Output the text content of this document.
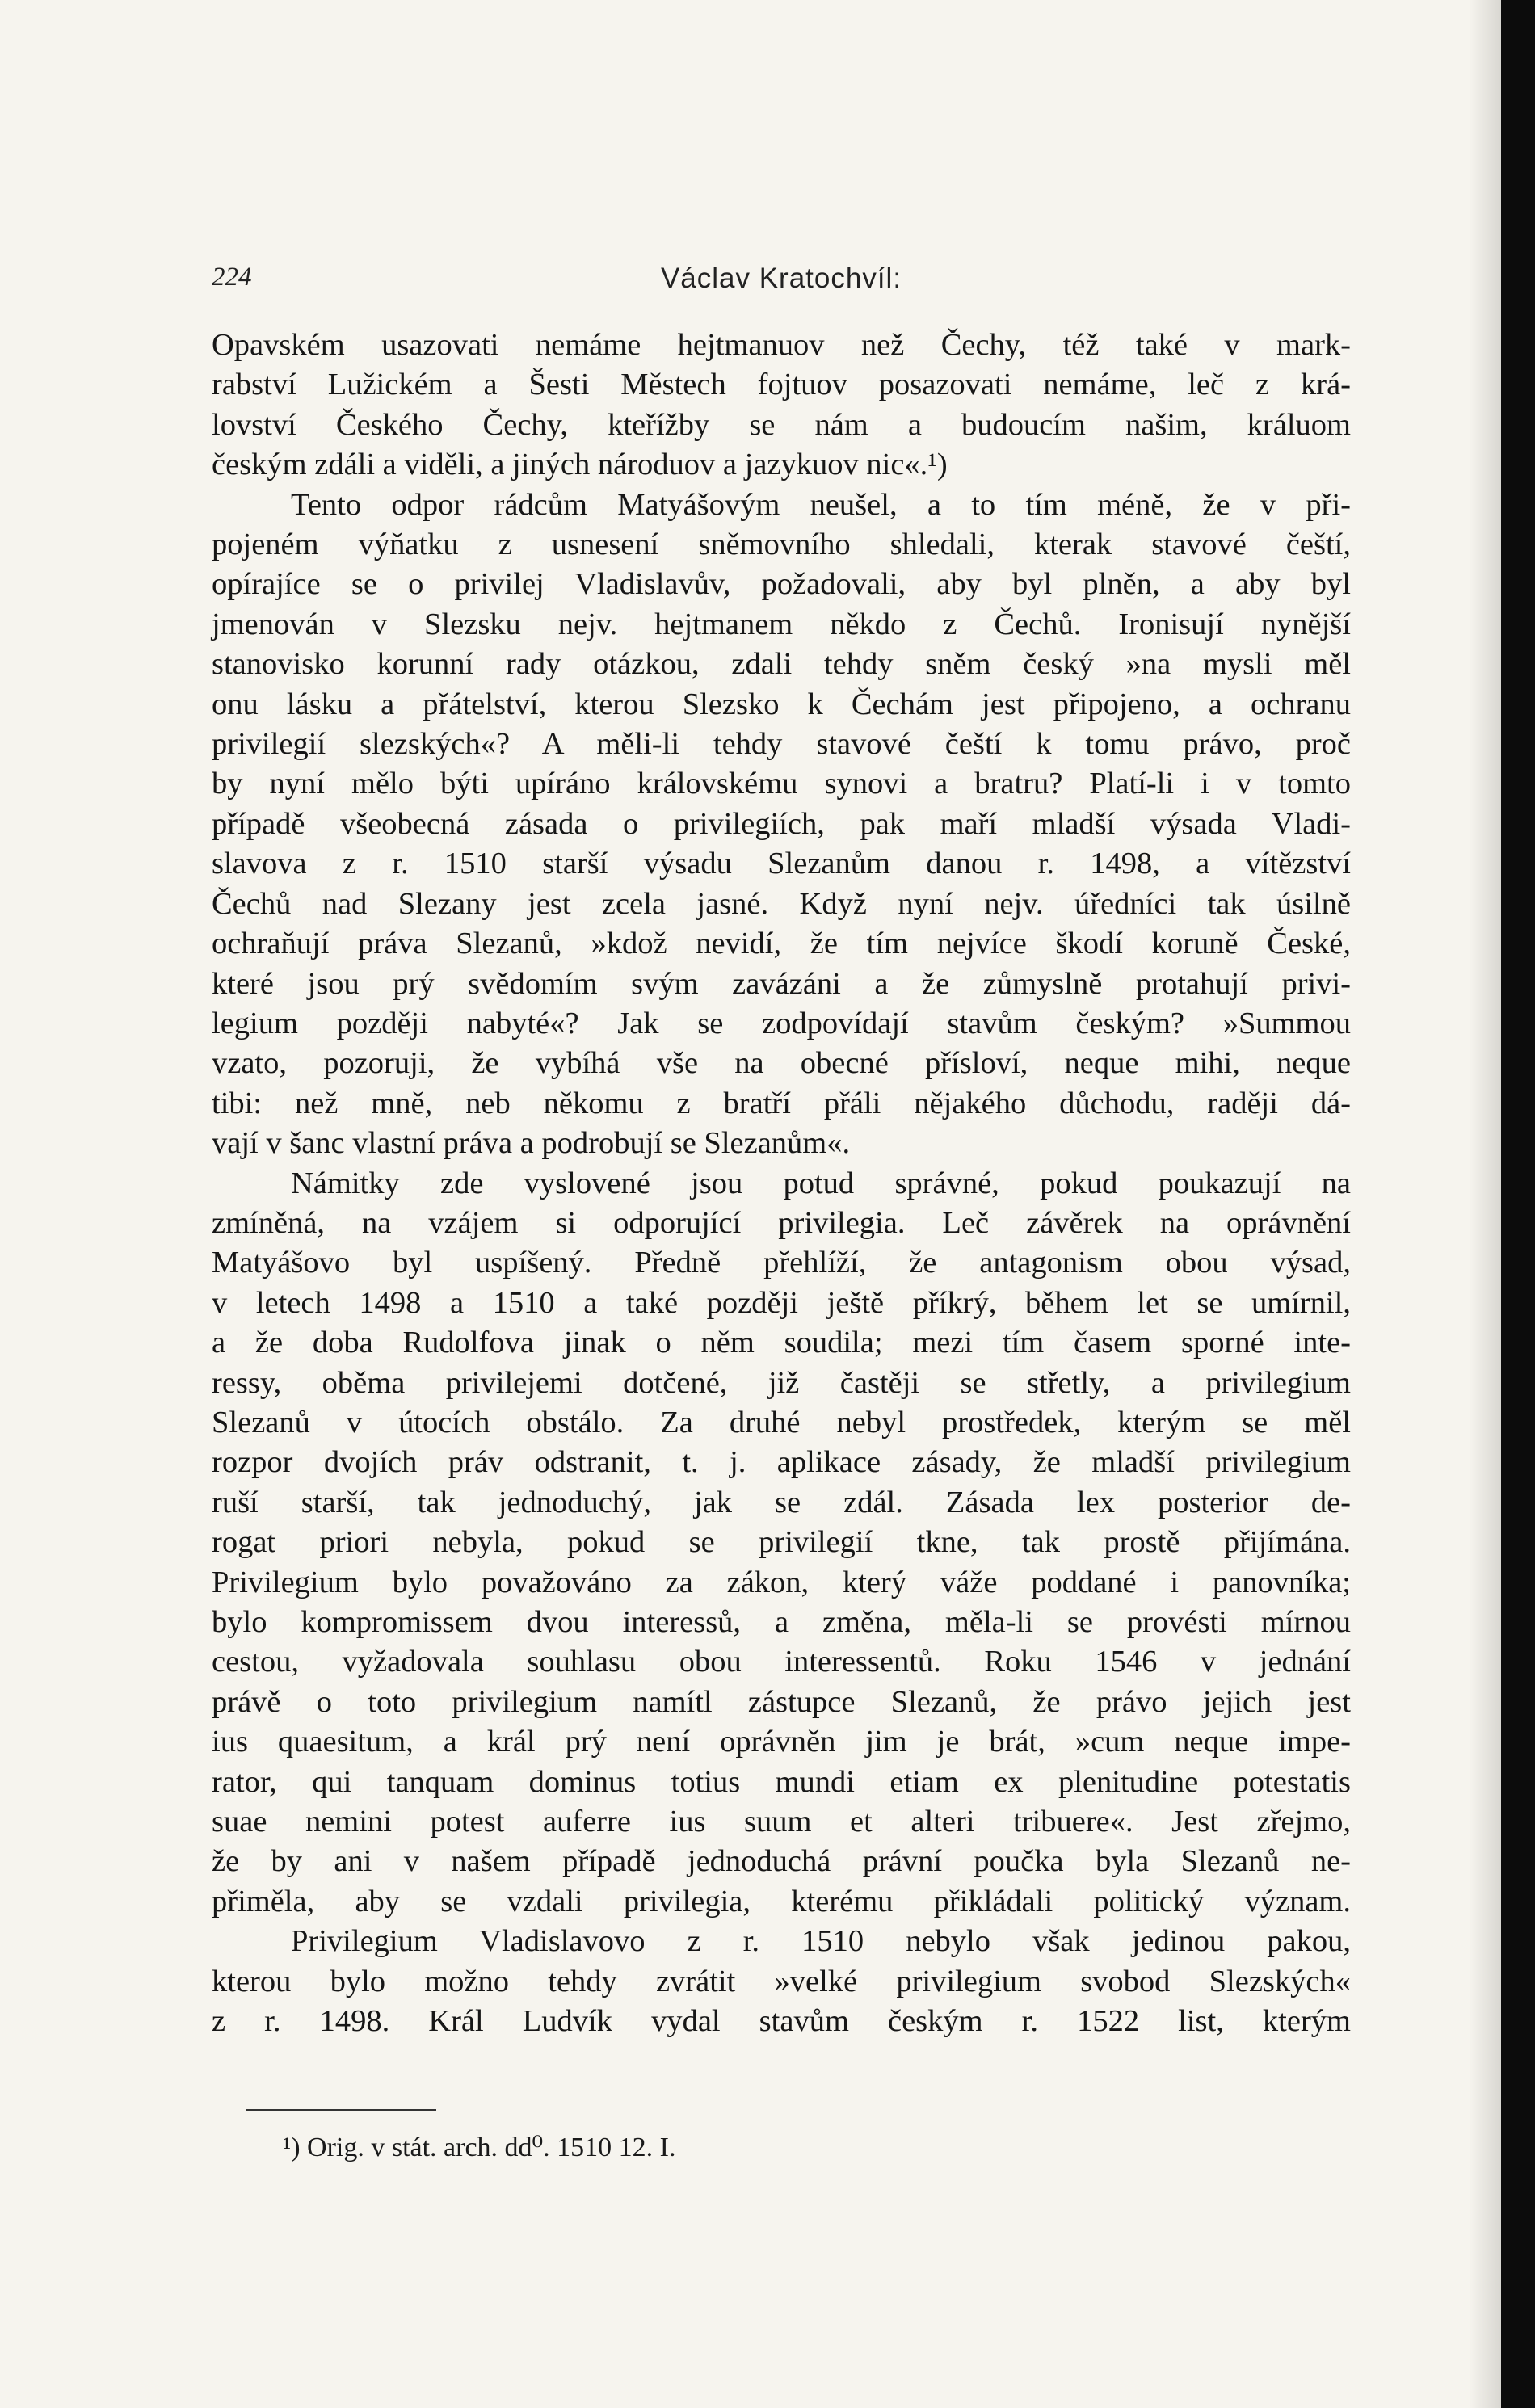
224	Václav Kratochvíl:
Opavském usazovati nemáme hejtmanuov než Čechy, též také v mark-
rabství Lužickém a Šesti Městech fojtuov posazovati nemáme, leč z krá-
lovství Českého Čechy, kteřížby se nám a budoucím našim, králuom
českým zdáli a viděli, a jiných národuov a jazykuov nic«.¹)
Tento odpor rádcům Matyášovým neušel, a to tím méně, že v při-
pojeném výňatku z usnesení sněmovního shledali, kterak stavové čeští,
opírajíce se o privilej Vladislavův, požadovali, aby byl plněn, a aby byl
jmenován v Slezsku nejv. hejtmanem někdo z Čechů. Ironisují nynější
stanovisko korunní rady otázkou, zdali tehdy sněm český »na mysli měl
onu lásku a přátelství, kterou Slezsko k Čechám jest připojeno, a ochranu
privilegií slezských«? A měli-li tehdy stavové čeští k tomu právo, proč
by nyní mělo býti upíráno královskému synovi a bratru? Platí-li i v tomto
případě všeobecná zásada o privilegiích, pak maří mladší výsada Vladi-
slavova z r. 1510 starší výsadu Slezanům danou r. 1498, a vítězství
Čechů nad Slezany jest zcela jasné. Když nyní nejv. úředníci tak úsilně
ochraňují práva Slezanů, »kdož nevidí, že tím nejvíce škodí koruně České,
které jsou prý svědomím svým zavázáni a že zůmyslně protahují privi-
legium později nabyté«? Jak se zodpovídají stavům českým? »Summou
vzato, pozoruji, že vybíhá vše na obecné přísloví, neque mihi, neque
tibi: než mně, neb někomu z bratří přáli nějakého důchodu, raději dá-
vají v šanc vlastní práva a podrobují se Slezanům«.
Námitky zde vyslovené jsou potud správné, pokud poukazují na
zmíněná, na vzájem si odporující privilegia. Leč závěrek na oprávnění
Matyášovo byl uspíšený. Předně přehlíží, že antagonism obou výsad,
v letech 1498 a 1510 a také později ještě příkrý, během let se umírnil,
a že doba Rudolfova jinak o něm soudila; mezi tím časem sporné inte-
ressy, oběma privilejemi dotčené, již častěji se střetly, a privilegium
Slezanů v útocích obstálo. Za druhé nebyl prostředek, kterým se měl
rozpor dvojích práv odstranit, t. j. aplikace zásady, že mladší privilegium
ruší starší, tak jednoduchý, jak se zdál. Zásada lex posterior de-
rogat priori nebyla, pokud se privilegií tkne, tak prostě přijímána.
Privilegium bylo považováno za zákon, který váže poddané i panovníka;
bylo kompromissem dvou interessů, a změna, měla-li se provésti mírnou
cestou, vyžadovala souhlasu obou interessentů. Roku 1546 v jednání
právě o toto privilegium namítl zástupce Slezanů, že právo jejich jest
ius quaesitum, a král prý není oprávněn jim je brát, »cum neque impe-
rator, qui tanquam dominus totius mundi etiam ex plenitudine potestatis
suae nemini potest auferre ius suum et alteri tribuere«. Jest zřejmo,
že by ani v našem případě jednoduchá právní poučka byla Slezanů ne-
přiměla, aby se vzdali privilegia, kterému přikládali politický význam.
Privilegium Vladislavovo z r. 1510 nebylo však jedinou pakou,
kterou bylo možno tehdy zvrátit »velké privilegium svobod Slezských«
z r. 1498. Král Ludvík vydal stavům českým r. 1522 list, kterým
¹) Orig. v stát. arch. dd⁰. 1510 12. I.
